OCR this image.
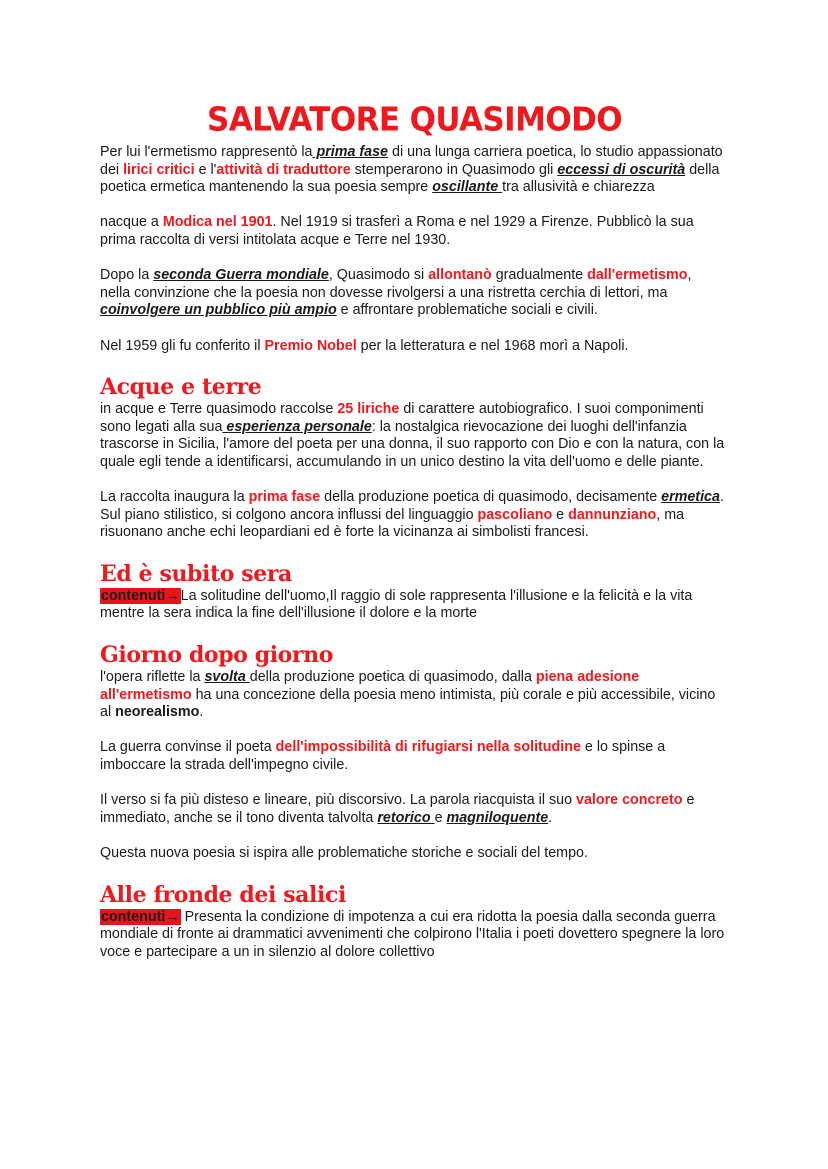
SALVATORE QUASIMODO

Per lui l'ermetismo rappresentò la prima fase di una lunga carriera poetica, lo studio appassionato dei lirici critici e l'attività di traduttore stemperarono in Quasimodo gli eccessi di oscurità della poetica ermetica mantenendo la sua poesia sempre oscillante tra allusività e chiarezza

nacque a Modica nel 1901. Nel 1919 si trasferì a Roma e nel 1929 a Firenze. Pubblicò la sua prima raccolta di versi intitolata acque e Terre nel 1930.

Dopo la seconda Guerra mondiale, Quasimodo si allontanò gradualmente dall'ermetismo, nella convinzione che la poesia non dovesse rivolgersi a una ristretta cerchia di lettori, ma coinvolgere un pubblico più ampio e affrontare problematiche sociali e civili.

Nel 1959 gli fu conferito il Premio Nobel per la letteratura e nel 1968 morì a Napoli.

Acque e terre

in acque e Terre quasimodo raccolse 25 liriche di carattere autobiografico. I suoi componimenti sono legati alla sua esperienza personale: la nostalgica rievocazione dei luoghi dell'infanzia trascorse in Sicilia, l'amore del poeta per una donna, il suo rapporto con Dio e con la natura, con la quale egli tende a identificarsi, accumulando in un unico destino la vita dell'uomo e delle piante.

La raccolta inaugura la prima fase della produzione poetica di quasimodo, decisamente ermetica. Sul piano stilistico, si colgono ancora influssi del linguaggio pascoliano e dannunziano, ma risuonano anche echi leopardiani ed è forte la vicinanza ai simbolisti francesi.

Ed è subito sera

contenuti→La solitudine dell'uomo,Il raggio di sole rappresenta l'illusione e la felicità e la vita mentre la sera indica la fine dell'illusione il dolore e la morte

Giorno dopo giorno

l'opera riflette la svolta della produzione poetica di quasimodo, dalla piena adesione all'ermetismo ha una concezione della poesia meno intimista, più corale e più accessibile, vicino al neorealismo.

La guerra convinse il poeta dell'impossibilità di rifugiarsi nella solitudine e lo spinse a imboccare la strada dell'impegno civile.

Il verso si fa più disteso e lineare, più discorsivo. La parola riacquista il suo valore concreto e immediato, anche se il tono diventa talvolta retorico e magniloquente.

Questa nuova poesia si ispira alle problematiche storiche e sociali del tempo.

Alle fronde dei salici

contenuti→ Presenta la condizione di impotenza a cui era ridotta la poesia dalla seconda guerra mondiale di fronte ai drammatici avvenimenti che colpirono l'Italia i poeti dovettero spegnere la loro voce e partecipare a un in silenzio al dolore collettivo
